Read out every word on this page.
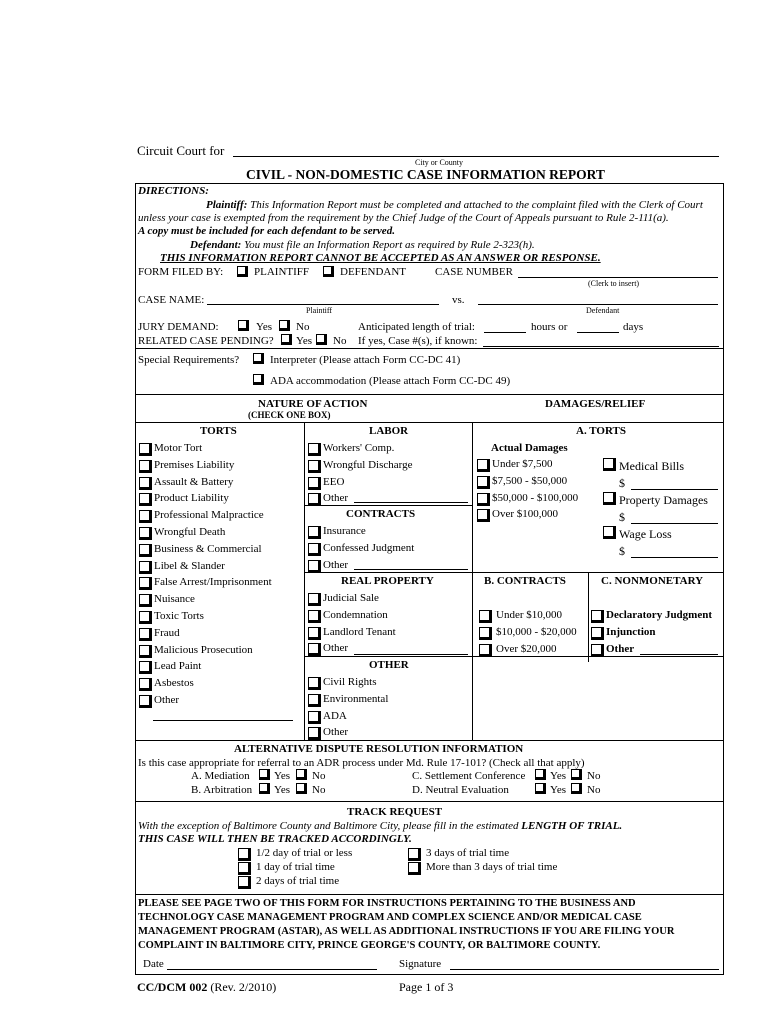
Circuit Court for
City or County
CIVIL - NON-DOMESTIC CASE INFORMATION REPORT
DIRECTIONS:
Plaintiff: This Information Report must be completed and attached to the complaint filed with the Clerk of Court
unless your case is exempted from the requirement by the Chief Judge of the Court of Appeals pursuant to Rule 2-111(a).
A copy must be included for each defendant to be served.
Defendant: You must file an Information Report as required by Rule 2-323(h).
THIS INFORMATION REPORT CANNOT BE ACCEPTED AS AN ANSWER OR RESPONSE.
FORM FILED BY:	PLAINTIFF	DEFENDANT	CASE NUMBER
(Clerk to insert)
CASE NAME:	vs.
Plaintiff	Defendant
JURY DEMAND:	Yes No	Anticipated length of trial:	hours or	days
RELATED CASE PENDING? Yes No If yes, Case #(s), if known:
Special Requirements?	Interpreter (Please attach Form CC-DC 41)
ADA accommodation (Please attach Form CC-DC 49)
NATURE OF ACTION
(CHECK ONE BOX)
DAMAGES/RELIEF
TORTS
Motor Tort
Premises Liability
Assault & Battery
Product Liability
Professional Malpractice
Wrongful Death
Business & Commercial
Libel & Slander
False Arrest/Imprisonment
Nuisance
Toxic Torts
Fraud
Malicious Prosecution
Lead Paint
Asbestos
Other
LABOR
Workers' Comp.
Wrongful Discharge
EEO
Other
CONTRACTS
Insurance
Confessed Judgment
Other
REAL PROPERTY
Judicial Sale
Condemnation
Landlord Tenant
Other
OTHER
Civil Rights
Environmental
ADA
Other
A. TORTS
Actual Damages
Under $7,500
$7,500 - $50,000
$50,000 - $100,000
Over $100,000
Medical Bills
$
Property Damages
$
Wage Loss
$
B. CONTRACTS
Under $10,000
$10,000 - $20,000
Over $20,000
C. NONMONETARY
Declaratory Judgment
Injunction
Other
ALTERNATIVE DISPUTE RESOLUTION INFORMATION
Is this case appropriate for referral to an ADR process under Md. Rule 17-101? (Check all that apply)
A. Mediation Yes No
B. Arbitration Yes No
C. Settlement Conference Yes No
D. Neutral Evaluation	Yes No
TRACK REQUEST
With the exception of Baltimore County and Baltimore City, please fill in the estimated LENGTH OF TRIAL.
THIS CASE WILL THEN BE TRACKED ACCORDINGLY.
1/2 day of trial or less
1 day of trial time
2 days of trial time
3 days of trial time
More than 3 days of trial time
PLEASE SEE PAGE TWO OF THIS FORM FOR INSTRUCTIONS PERTAINING TO THE BUSINESS AND
TECHNOLOGY CASE MANAGEMENT PROGRAM AND COMPLEX SCIENCE AND/OR MEDICAL CASE
MANAGEMENT PROGRAM (ASTAR), AS WELL AS ADDITIONAL INSTRUCTIONS IF YOU ARE FILING YOUR
COMPLAINT IN BALTIMORE CITY, PRINCE GEORGE'S COUNTY, OR BALTIMORE COUNTY.
Date	Signature
CC/DCM 002 (Rev. 2/2010)	Page 1 of 3
